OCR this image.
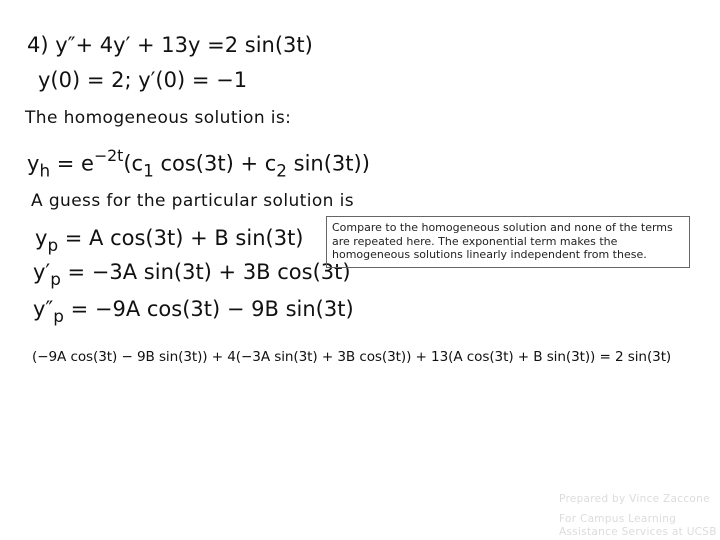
4) y″+ 4y′ + 13y =2 sin(3t)
y(0) = 2; y′(0) = −1
The homogeneous solution is:
$y_h = e^{-2t}(c_1$ $\cos(3t) + c_2$ sin(3t))
A guess for the particular solution is
$y_p = A$ cos(3t) + B sin(3t)
$y'_p = -3A$ sin(3t) + 3B cos(3t)
$y''_p = -9A$ cos(3t) − 9B sin(3t)
Compare to the homogeneous solution and none of the terms are repeated here. The exponential term makes the homogeneous solutions linearly independent from these.
(−9A cos(3t) − 9B sin(3t)) + 4(−3A sin(3t) + 3B cos(3t)) + 13(A cos(3t) + B sin(3t)) = 2 sin(3t)
Prepared by Vince Zaccone
For Campus Learning
Assistance Services at UCSB
